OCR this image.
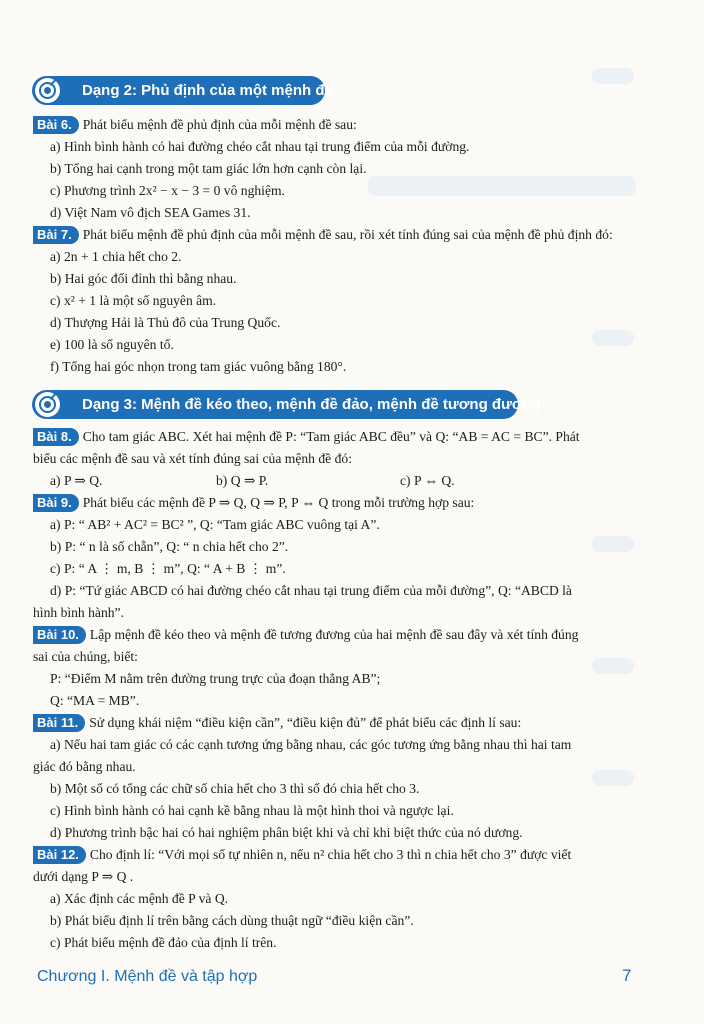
Dạng 2: Phủ định của một mệnh đề
Bài 6. Phát biểu mệnh đề phủ định của mỗi mệnh đề sau:
a) Hình bình hành có hai đường chéo cắt nhau tại trung điểm của mỗi đường.
b) Tổng hai cạnh trong một tam giác lớn hơn cạnh còn lại.
c) Phương trình 2x² − x − 3 = 0 vô nghiệm.
d) Việt Nam vô địch SEA Games 31.
Bài 7. Phát biểu mệnh đề phủ định của mỗi mệnh đề sau, rồi xét tính đúng sai của mệnh đề phủ định đó:
a) 2n + 1 chia hết cho 2.
b) Hai góc đối đỉnh thì bằng nhau.
c) x² + 1 là một số nguyên âm.
d) Thượng Hải là Thủ đô của Trung Quốc.
e) 100 là số nguyên tố.
f) Tổng hai góc nhọn trong tam giác vuông bằng 180°.
Dạng 3: Mệnh đề kéo theo, mệnh đề đảo, mệnh đề tương đương
Bài 8. Cho tam giác ABC. Xét hai mệnh đề P: “Tam giác ABC đều” và Q: “AB = AC = BC”. Phát
biểu các mệnh đề sau và xét tính đúng sai của mệnh đề đó:
a) P ⇒ Q.	b) Q ⇒ P.	c) P ⇔ Q.
Bài 9. Phát biểu các mệnh đề P ⇒ Q, Q ⇒ P, P ⇔ Q trong mỗi trường hợp sau:
a) P: “ AB² + AC² = BC² ”, Q: “Tam giác ABC vuông tại A”.
b) P: “ n là số chẵn”, Q: “ n chia hết cho 2”.
c) P: “ A ⋮ m, B ⋮ m”, Q: “ A + B ⋮ m”.
d) P: “Tứ giác ABCD có hai đường chéo cắt nhau tại trung điểm của mỗi đường”, Q: “ABCD là
hình bình hành”.
Bài 10. Lập mệnh đề kéo theo và mệnh đề tương đương của hai mệnh đề sau đây và xét tính đúng
sai của chúng, biết:
P: “Điểm M nằm trên đường trung trực của đoạn thẳng AB”;
Q: “MA = MB”.
Bài 11. Sử dụng khái niệm “điều kiện cần”, “điều kiện đủ” để phát biểu các định lí sau:
a) Nếu hai tam giác có các cạnh tương ứng bằng nhau, các góc tương ứng bằng nhau thì hai tam
giác đó bằng nhau.
b) Một số có tổng các chữ số chia hết cho 3 thì số đó chia hết cho 3.
c) Hình bình hành có hai cạnh kề bằng nhau là một hình thoi và ngược lại.
d) Phương trình bậc hai có hai nghiệm phân biệt khi và chỉ khi biệt thức của nó dương.
Bài 12. Cho định lí: “Với mọi số tự nhiên n, nếu n² chia hết cho 3 thì n chia hết cho 3” được viết
dưới dạng P ⇒ Q .
a) Xác định các mệnh đề P và Q.
b) Phát biểu định lí trên bằng cách dùng thuật ngữ “điều kiện cần”.
c) Phát biểu mệnh đề đảo của định lí trên.
Chương I. Mệnh đề và tập hợp	7
